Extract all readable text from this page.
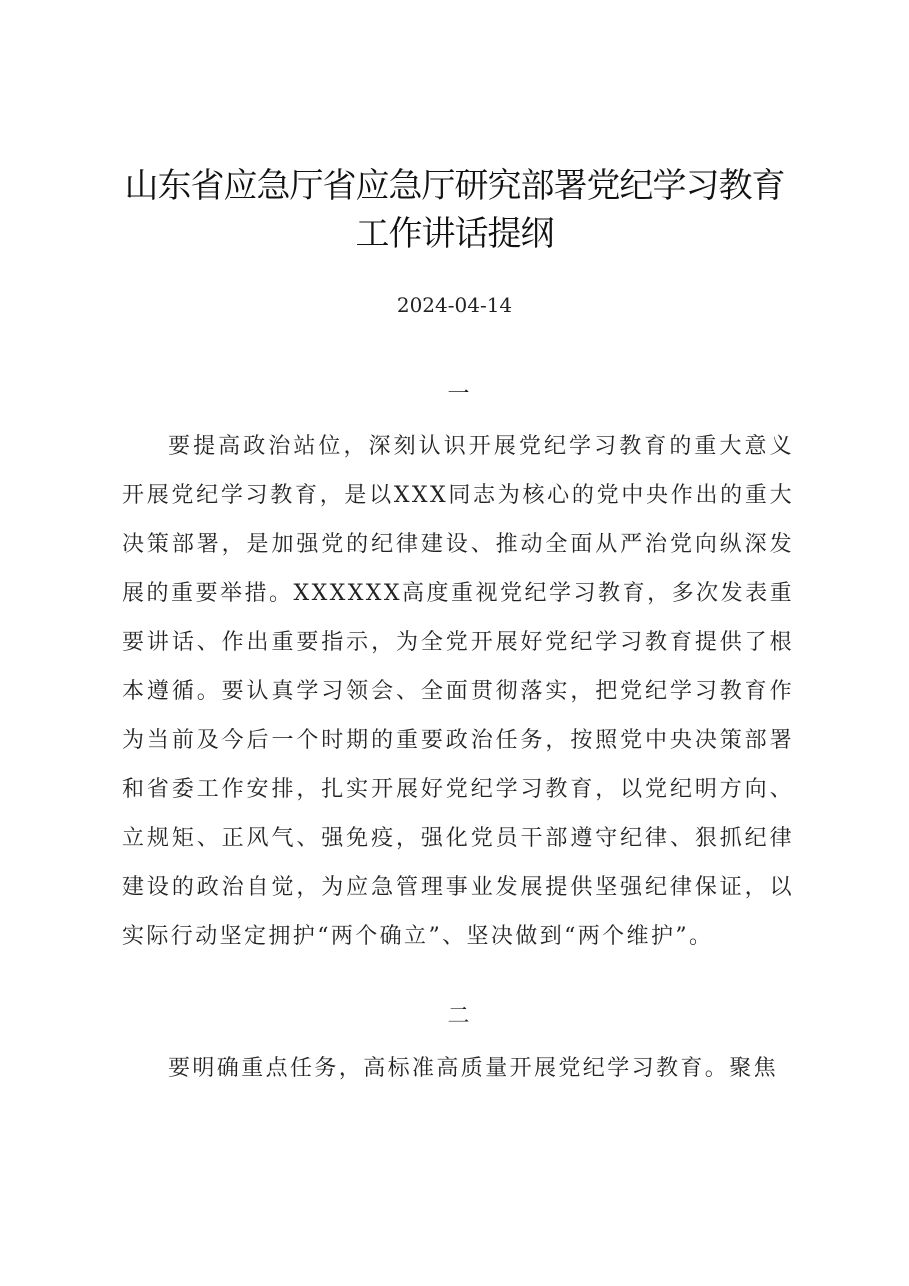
山东省应急厅省应急厅研究部署党纪学习教育
工作讲话提纲
2024-04-14
一

要提高政治站位，深刻认识开展党纪学习教育的重大意义开展党纪学习教育，是以XXX同志为核心的党中央作出的重大决策部署，是加强党的纪律建设、推动全面从严治党向纵深发展的重要举措。XXXXXX高度重视党纪学习教育，多次发表重要讲话、作出重要指示，为全党开展好党纪学习教育提供了根本遵循。要认真学习领会、全面贯彻落实，把党纪学习教育作为当前及今后一个时期的重要政治任务，按照党中央决策部署和省委工作安排，扎实开展好党纪学习教育，以党纪明方向、立规矩、正风气、强免疫，强化党员干部遵守纪律、狠抓纪律建设的政治自觉，为应急管理事业发展提供坚强纪律保证，以实际行动坚定拥护“两个确立”、坚决做到“两个维护”。

二

要明确重点任务，高标准高质量开展党纪学习教育。聚焦
